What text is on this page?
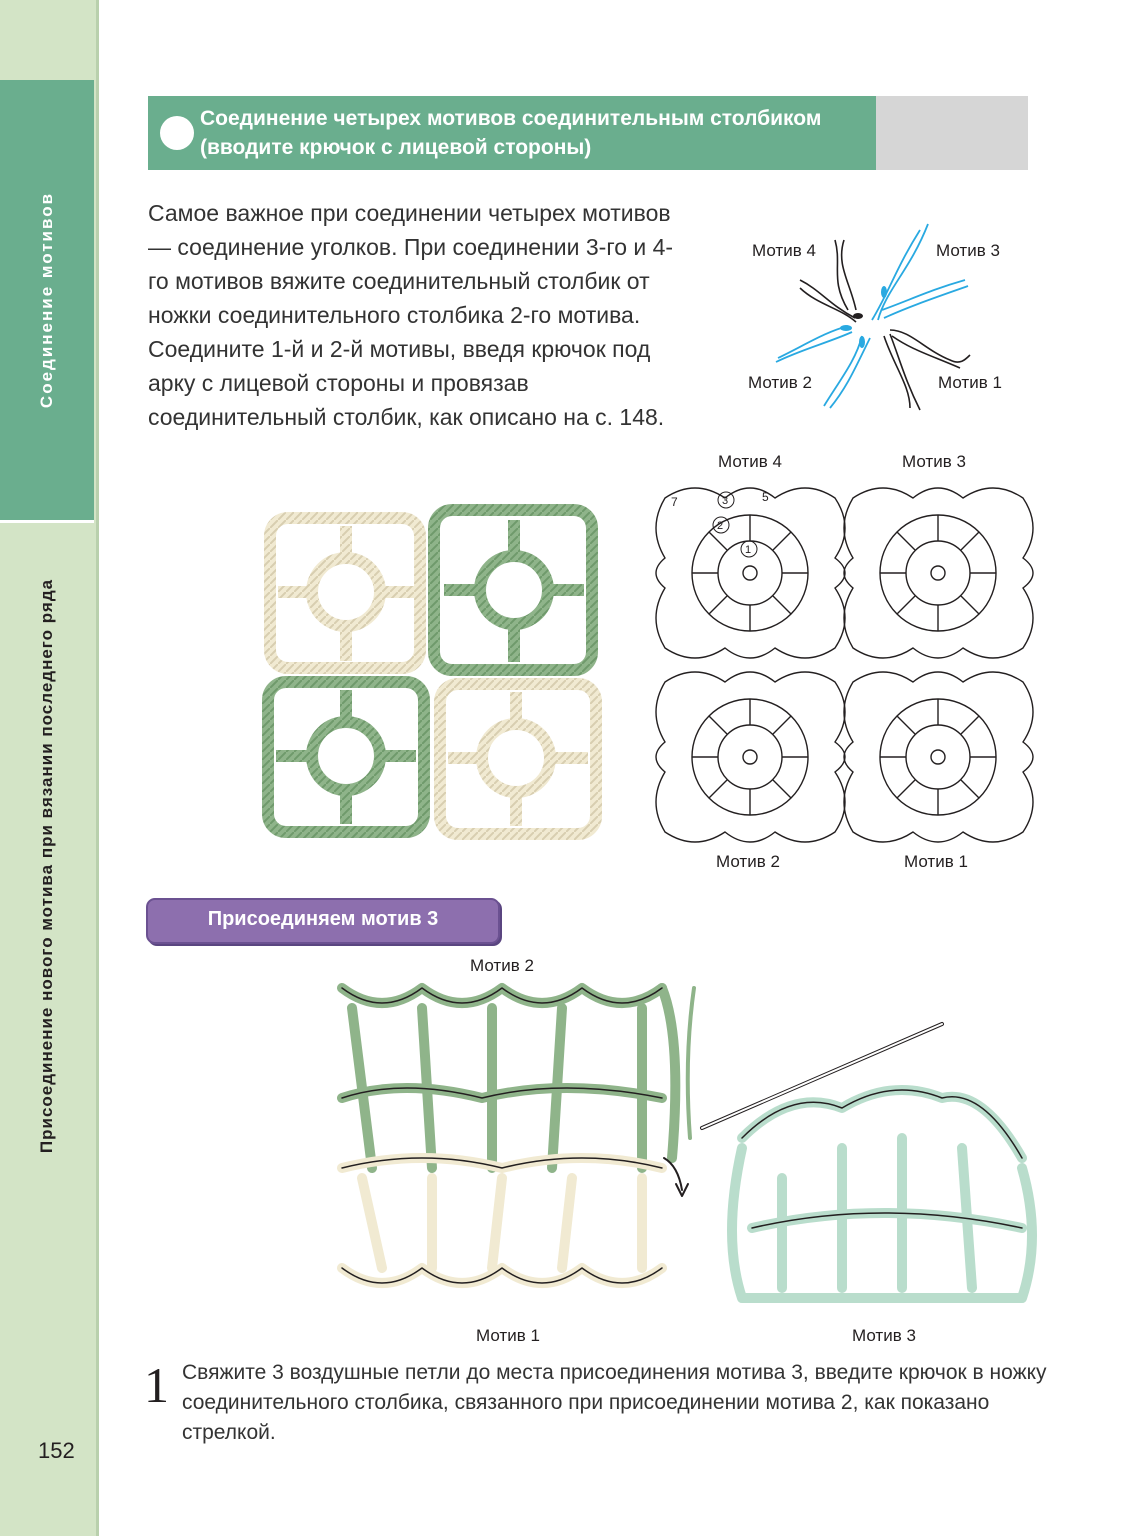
Соединение мотивов
Присоединение нового мотива при вязании последнего ряда
152
Соединение четырех мотивов соединительным столбиком (вводите крючок с лицевой стороны)
Самое важное при соединении четырех мотивов — соединение уголков. При соединении 3-го и 4-го мотивов вяжите соединительный столбик от ножки соединительного столбика 2-го мотива. Соедините 1-й и 2-й мотивы, введя крючок под арку с лицевой стороны и провязав соединительный столбик, как описано на с. 148.
Мотив 4	Мотив 3
Мотив 2	Мотив 1
7	3	5
2
1
Мотив 4	Мотив 3
Мотив 2	Мотив 1
Присоединяем мотив 3
Мотив 2
Мотив 1	Мотив 3
1 Свяжите 3 воздушные петли до места присоединения мотива 3, введите крючок в ножку соединительного столбика, связанного при присоединении мотива 2, как показано стрелкой.
